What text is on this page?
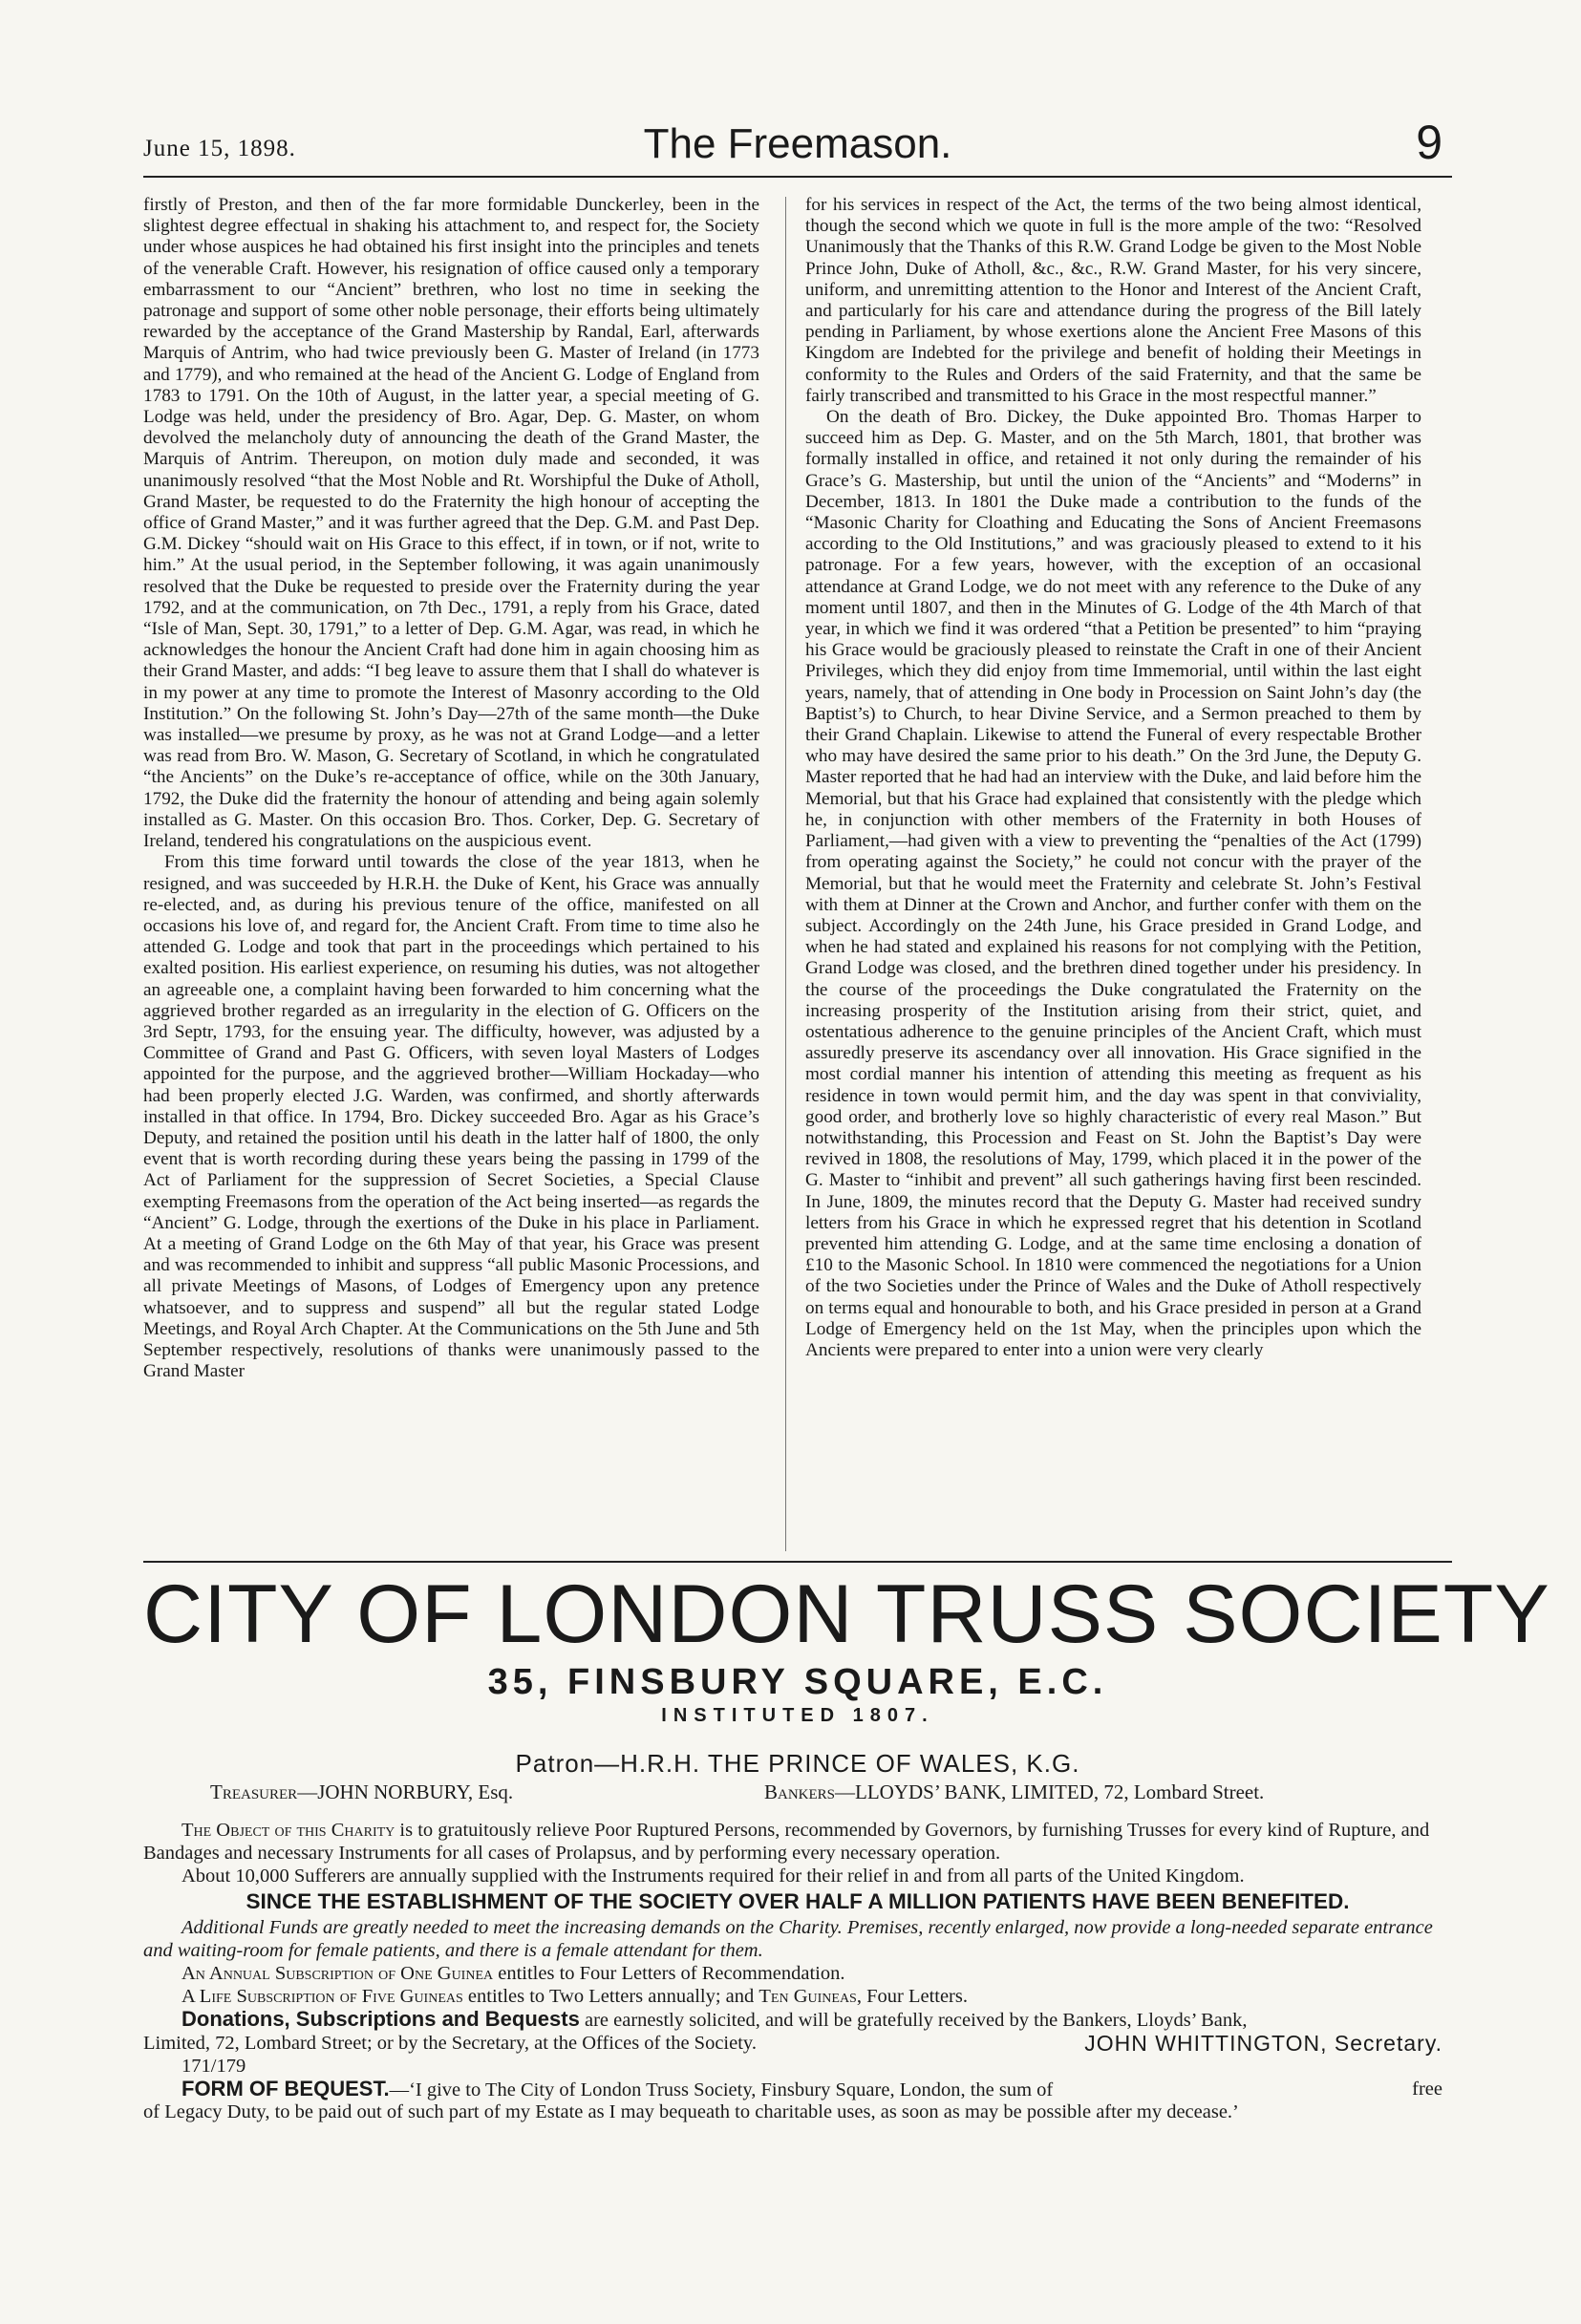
June 15, 1898.	The Freemason.	9

firstly of Preston, and then of the far more formidable Dunckerley, been in the slightest degree effectual in shaking his attachment to, and respect for, the Society under whose auspices he had obtained his first insight into the principles and tenets of the venerable Craft. However, his resignation of office caused only a temporary embarrassment to our “Ancient” brethren, who lost no time in seeking the patronage and support of some other noble personage, their efforts being ultimately rewarded by the acceptance of the Grand Mastership by Randal, Earl, afterwards Marquis of Antrim, who had twice previously been G. Master of Ireland (in 1773 and 1779), and who remained at the head of the Ancient G. Lodge of England from 1783 to 1791. On the 10th of August, in the latter year, a special meeting of G. Lodge was held, under the presidency of Bro. Agar, Dep. G. Master, on whom devolved the melancholy duty of announcing the death of the Grand Master, the Marquis of Antrim. Thereupon, on motion duly made and seconded, it was unanimously resolved “that the Most Noble and Rt. Worshipful the Duke of Atholl, Grand Master, be requested to do the Fraternity the high honour of accepting the office of Grand Master,” and it was further agreed that the Dep. G.M. and Past Dep. G.M. Dickey “should wait on His Grace to this effect, if in town, or if not, write to him.” At the usual period, in the September following, it was again unanimously resolved that the Duke be requested to preside over the Fraternity during the year 1792, and at the communication, on 7th Dec., 1791, a reply from his Grace, dated “Isle of Man, Sept. 30, 1791,” to a letter of Dep. G.M. Agar, was read, in which he acknowledges the honour the Ancient Craft had done him in again choosing him as their Grand Master, and adds: “I beg leave to assure them that I shall do whatever is in my power at any time to promote the Interest of Masonry according to the Old Institution.” On the following St. John’s Day—27th of the same month—the Duke was installed—we presume by proxy, as he was not at Grand Lodge—and a letter was read from Bro. W. Mason, G. Secretary of Scotland, in which he congratulated “the Ancients” on the Duke’s re-acceptance of office, while on the 30th January, 1792, the Duke did the fraternity the honour of attending and being again solemly installed as G. Master. On this occasion Bro. Thos. Corker, Dep. G. Secretary of Ireland, tendered his congratulations on the auspicious event.

From this time forward until towards the close of the year 1813, when he resigned, and was succeeded by H.R.H. the Duke of Kent, his Grace was annually re-elected, and, as during his previous tenure of the office, manifested on all occasions his love of, and regard for, the Ancient Craft. From time to time also he attended G. Lodge and took that part in the proceedings which pertained to his exalted position. His earliest experience, on resuming his duties, was not altogether an agreeable one, a complaint having been forwarded to him concerning what the aggrieved brother regarded as an irregularity in the election of G. Officers on the 3rd Septr, 1793, for the ensuing year. The difficulty, however, was adjusted by a Committee of Grand and Past G. Officers, with seven loyal Masters of Lodges appointed for the purpose, and the aggrieved brother—William Hockaday—who had been properly elected J.G. Warden, was confirmed, and shortly afterwards installed in that office. In 1794, Bro. Dickey succeeded Bro. Agar as his Grace’s Deputy, and retained the position until his death in the latter half of 1800, the only event that is worth recording during these years being the passing in 1799 of the Act of Parliament for the suppression of Secret Societies, a Special Clause exempting Freemasons from the operation of the Act being inserted—as regards the “Ancient” G. Lodge, through the exertions of the Duke in his place in Parliament. At a meeting of Grand Lodge on the 6th May of that year, his Grace was present and was recommended to inhibit and suppress “all public Masonic Processions, and all private Meetings of Masons, of Lodges of Emergency upon any pretence whatsoever, and to suppress and suspend” all but the regular stated Lodge Meetings, and Royal Arch Chapter. At the Communications on the 5th June and 5th September respectively, resolutions of thanks were unanimously passed to the Grand Master

for his services in respect of the Act, the terms of the two being almost identical, though the second which we quote in full is the more ample of the two: “Resolved Unanimously that the Thanks of this R.W. Grand Lodge be given to the Most Noble Prince John, Duke of Atholl, &c., &c., R.W. Grand Master, for his very sincere, uniform, and unremitting attention to the Honor and Interest of the Ancient Craft, and particularly for his care and attendance during the progress of the Bill lately pending in Parliament, by whose exertions alone the Ancient Free Masons of this Kingdom are Indebted for the privilege and benefit of holding their Meetings in conformity to the Rules and Orders of the said Fraternity, and that the same be fairly transcribed and transmitted to his Grace in the most respectful manner.”

On the death of Bro. Dickey, the Duke appointed Bro. Thomas Harper to succeed him as Dep. G. Master, and on the 5th March, 1801, that brother was formally installed in office, and retained it not only during the remainder of his Grace’s G. Mastership, but until the union of the “Ancients” and “Moderns” in December, 1813. In 1801 the Duke made a contribution to the funds of the “Masonic Charity for Cloathing and Educating the Sons of Ancient Freemasons according to the Old Institutions,” and was graciously pleased to extend to it his patronage. For a few years, however, with the exception of an occasional attendance at Grand Lodge, we do not meet with any reference to the Duke of any moment until 1807, and then in the Minutes of G. Lodge of the 4th March of that year, in which we find it was ordered “that a Petition be presented” to him “praying his Grace would be graciously pleased to reinstate the Craft in one of their Ancient Privileges, which they did enjoy from time Immemorial, until within the last eight years, namely, that of attending in One body in Procession on Saint John’s day (the Baptist’s) to Church, to hear Divine Service, and a Sermon preached to them by their Grand Chaplain. Likewise to attend the Funeral of every respectable Brother who may have desired the same prior to his death.” On the 3rd June, the Deputy G. Master reported that he had had an interview with the Duke, and laid before him the Memorial, but that his Grace had explained that consistently with the pledge which he, in conjunction with other members of the Fraternity in both Houses of Parliament,—had given with a view to preventing the “penalties of the Act (1799) from operating against the Society,” he could not concur with the prayer of the Memorial, but that he would meet the Fraternity and celebrate St. John’s Festival with them at Dinner at the Crown and Anchor, and further confer with them on the subject. Accordingly on the 24th June, his Grace presided in Grand Lodge, and when he had stated and explained his reasons for not complying with the Petition, Grand Lodge was closed, and the brethren dined together under his presidency. In the course of the proceedings the Duke congratulated the Fraternity on the increasing prosperity of the Institution arising from their strict, quiet, and ostentatious adherence to the genuine principles of the Ancient Craft, which must assuredly preserve its ascendancy over all innovation. His Grace signified in the most cordial manner his intention of attending this meeting as frequent as his residence in town would permit him, and the day was spent in that conviviality, good order, and brotherly love so highly characteristic of every real Mason.” But notwithstanding, this Procession and Feast on St. John the Baptist’s Day were revived in 1808, the resolutions of May, 1799, which placed it in the power of the G. Master to “inhibit and prevent” all such gatherings having first been rescinded. In June, 1809, the minutes record that the Deputy G. Master had received sundry letters from his Grace in which he expressed regret that his detention in Scotland prevented him attending G. Lodge, and at the same time enclosing a donation of £10 to the Masonic School. In 1810 were commenced the negotiations for a Union of the two Societies under the Prince of Wales and the Duke of Atholl respectively on terms equal and honourable to both, and his Grace presided in person at a Grand Lodge of Emergency held on the 1st May, when the principles upon which the Ancients were prepared to enter into a union were very clearly

CITY OF LONDON TRUSS SOCIETY
35, FINSBURY SQUARE, E.C.
INSTITUTED 1807.
Patron—H.R.H. THE PRINCE OF WALES, K.G.
Treasurer—JOHN NORBURY, Esq.	Bankers—LLOYDS’ BANK, LIMITED, 72, Lombard Street.

The Object of this Charity is to gratuitously relieve Poor Ruptured Persons, recommended by Governors, by furnishing Trusses for every kind of Rupture, and Bandages and necessary Instruments for all cases of Prolapsus, and by performing every necessary operation.

About 10,000 Sufferers are annually supplied with the Instruments required for their relief in and from all parts of the United Kingdom.

SINCE THE ESTABLISHMENT OF THE SOCIETY OVER HALF A MILLION PATIENTS HAVE BEEN BENEFITED.

Additional Funds are greatly needed to meet the increasing demands on the Charity. Premises, recently enlarged, now provide a long-needed separate entrance and waiting-room for female patients, and there is a female attendant for them.

An Annual Subscription of One Guinea entitles to Four Letters of Recommendation.

A Life Subscription of Five Guineas entitles to Two Letters annually; and Ten Guineas, Four Letters.

Donations, Subscriptions and Bequests are earnestly solicited, and will be gratefully received by the Bankers, Lloyds’ Bank,

Limited, 72, Lombard Street; or by the Secretary, at the Offices of the Society.	JOHN WHITTINGTON, Secretary.

171/179

FORM OF BEQUEST.—‘I give to The City of London Truss Society, Finsbury Square, London, the sum of	free

of Legacy Duty, to be paid out of such part of my Estate as I may bequeath to charitable uses, as soon as may be possible after my decease.’
